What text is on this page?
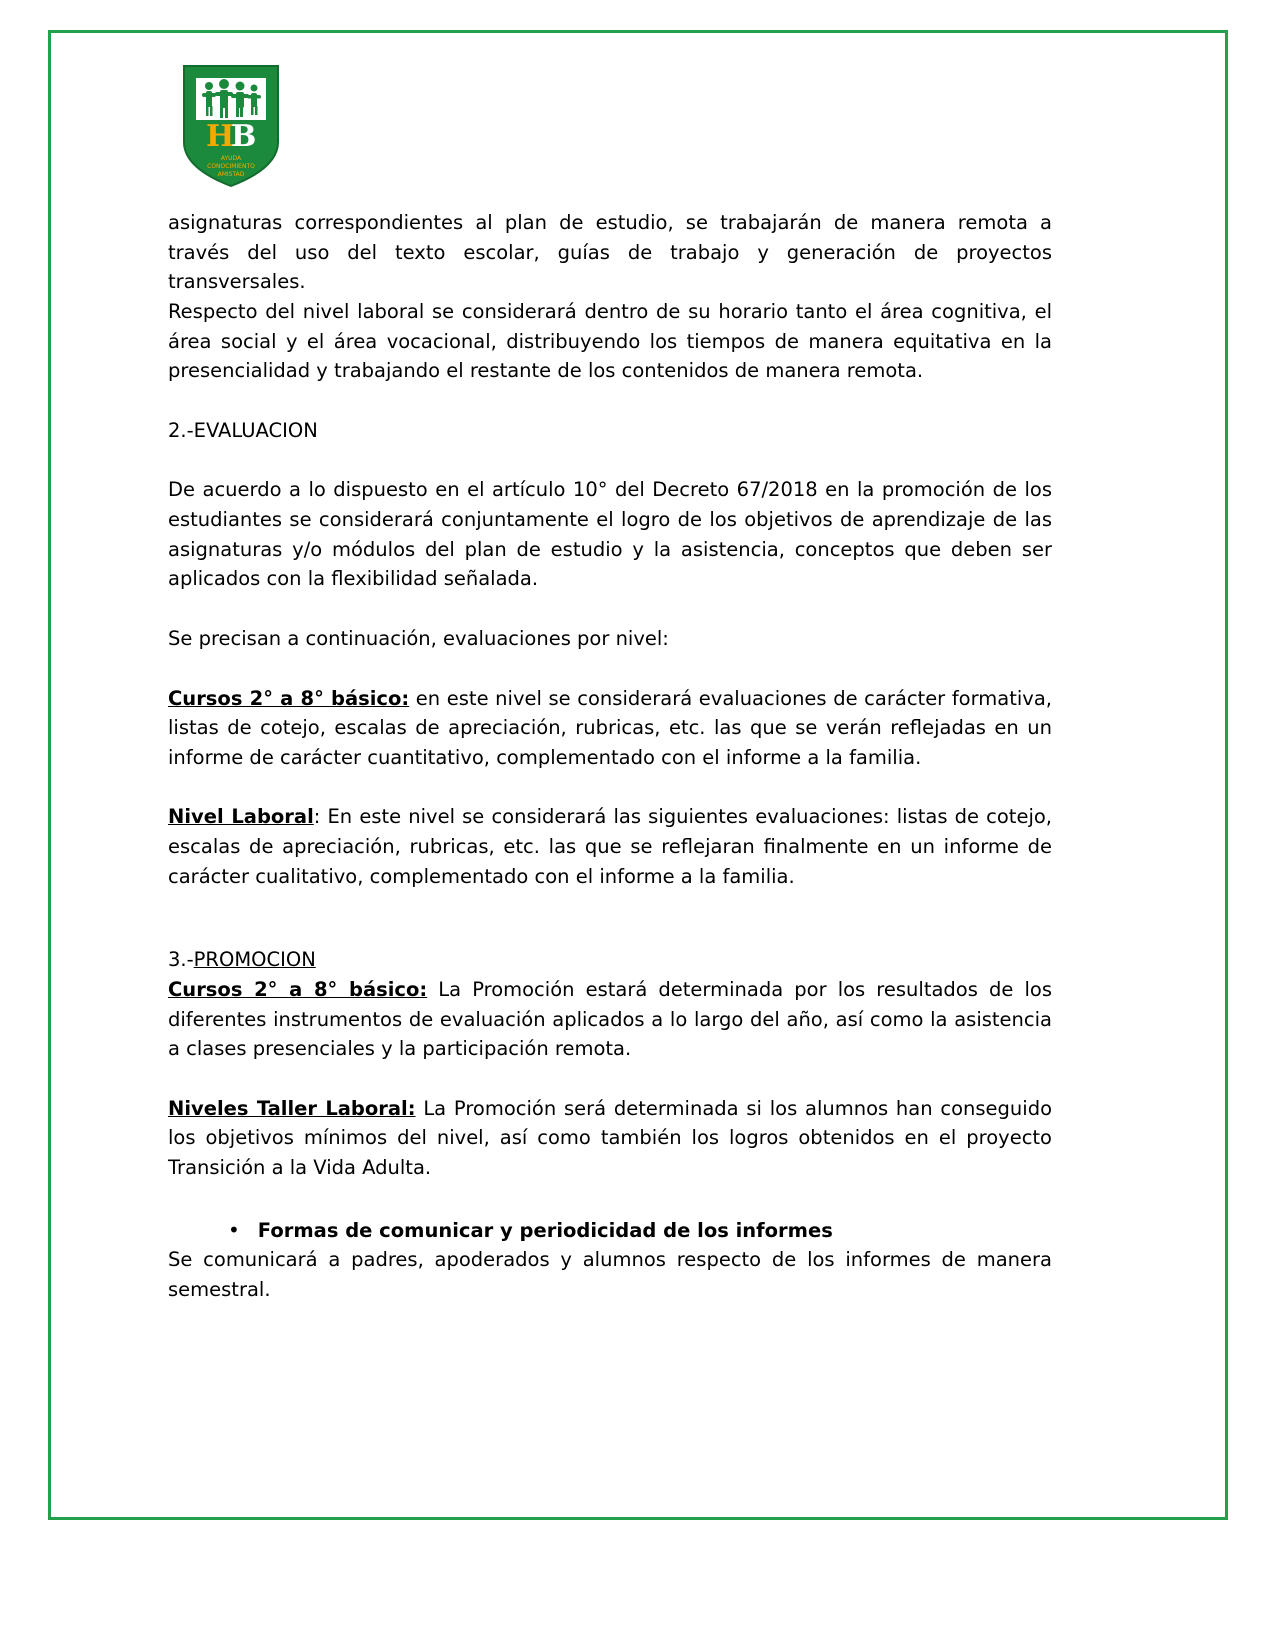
H
B
AYUDA
CONOCIMIENTO
AMISTAD

asignaturas correspondientes al plan de estudio, se trabajarán de manera remota a través del uso del texto escolar, guías de trabajo y generación de proyectos transversales.

Respecto del nivel laboral se considerará dentro de su horario tanto el área cognitiva, el área social y el área vocacional, distribuyendo los tiempos de manera equitativa en la presencialidad y trabajando el restante de los contenidos de manera remota.

2.-EVALUACION

De acuerdo a lo dispuesto en el artículo 10° del Decreto 67/2018 en la promoción de los estudiantes se considerará conjuntamente el logro de los objetivos de aprendizaje de las asignaturas y/o módulos del plan de estudio y la asistencia, conceptos que deben ser aplicados con la flexibilidad señalada.

Se precisan a continuación, evaluaciones por nivel:

Cursos 2° a 8° básico: en este nivel se considerará evaluaciones de carácter formativa, listas de cotejo, escalas de apreciación, rubricas, etc. las que se verán reflejadas en un informe de carácter cuantitativo, complementado con el informe a la familia.

Nivel Laboral: En este nivel se considerará las siguientes evaluaciones: listas de cotejo, escalas de apreciación, rubricas, etc. las que se reflejaran finalmente en un informe de carácter cualitativo, complementado con el informe a la familia.

3.-PROMOCION

Cursos 2° a 8° básico: La Promoción estará determinada por los resultados de los diferentes instrumentos de evaluación aplicados a lo largo del año, así como la asistencia a clases presenciales y la participación remota.

Niveles Taller Laboral: La Promoción será determinada si los alumnos han conseguido los objetivos mínimos del nivel, así como también los logros obtenidos en el proyecto Transición a la Vida Adulta.

• Formas de comunicar y periodicidad de los informes

Se comunicará a padres, apoderados y alumnos respecto de los informes de manera semestral.
